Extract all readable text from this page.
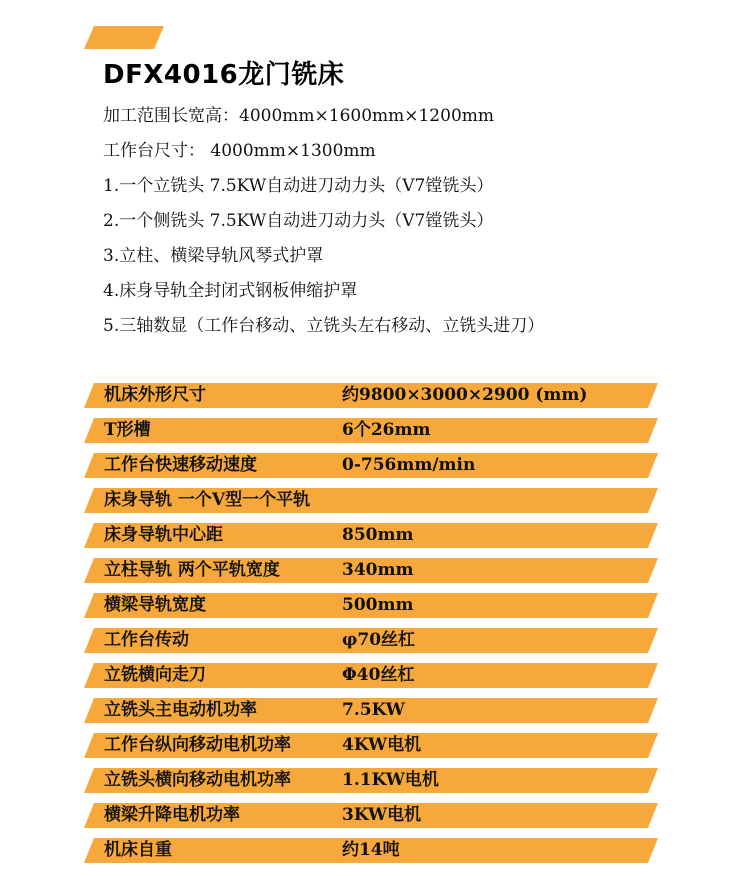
DFX4016龙门铣床
加工范围长宽高：4000mm×1600mm×1200mm
工作台尺寸： 4000mm×1300mm
1.一个立铣头 7.5KW自动进刀动力头（V7镗铣头）
2.一个侧铣头 7.5KW自动进刀动力头（V7镗铣头）
3.立柱、横梁导轨风琴式护罩
4.床身导轨全封闭式钢板伸缩护罩
5.三轴数显（工作台移动、立铣头左右移动、立铣头进刀）
机床外形尺寸	约9800×3000×2900 (mm)
T形槽	6个26mm
工作台快速移动速度	0-756mm/min
床身导轨 一个V型一个平轨
床身导轨中心距	850mm
立柱导轨 两个平轨宽度	340mm
横梁导轨宽度	500mm
工作台传动	φ70丝杠
立铣横向走刀	Φ40丝杠
立铣头主电动机功率	7.5KW
工作台纵向移动电机功率	4KW电机
立铣头横向移动电机功率	1.1KW电机
横梁升降电机功率	3KW电机
机床自重	约14吨
